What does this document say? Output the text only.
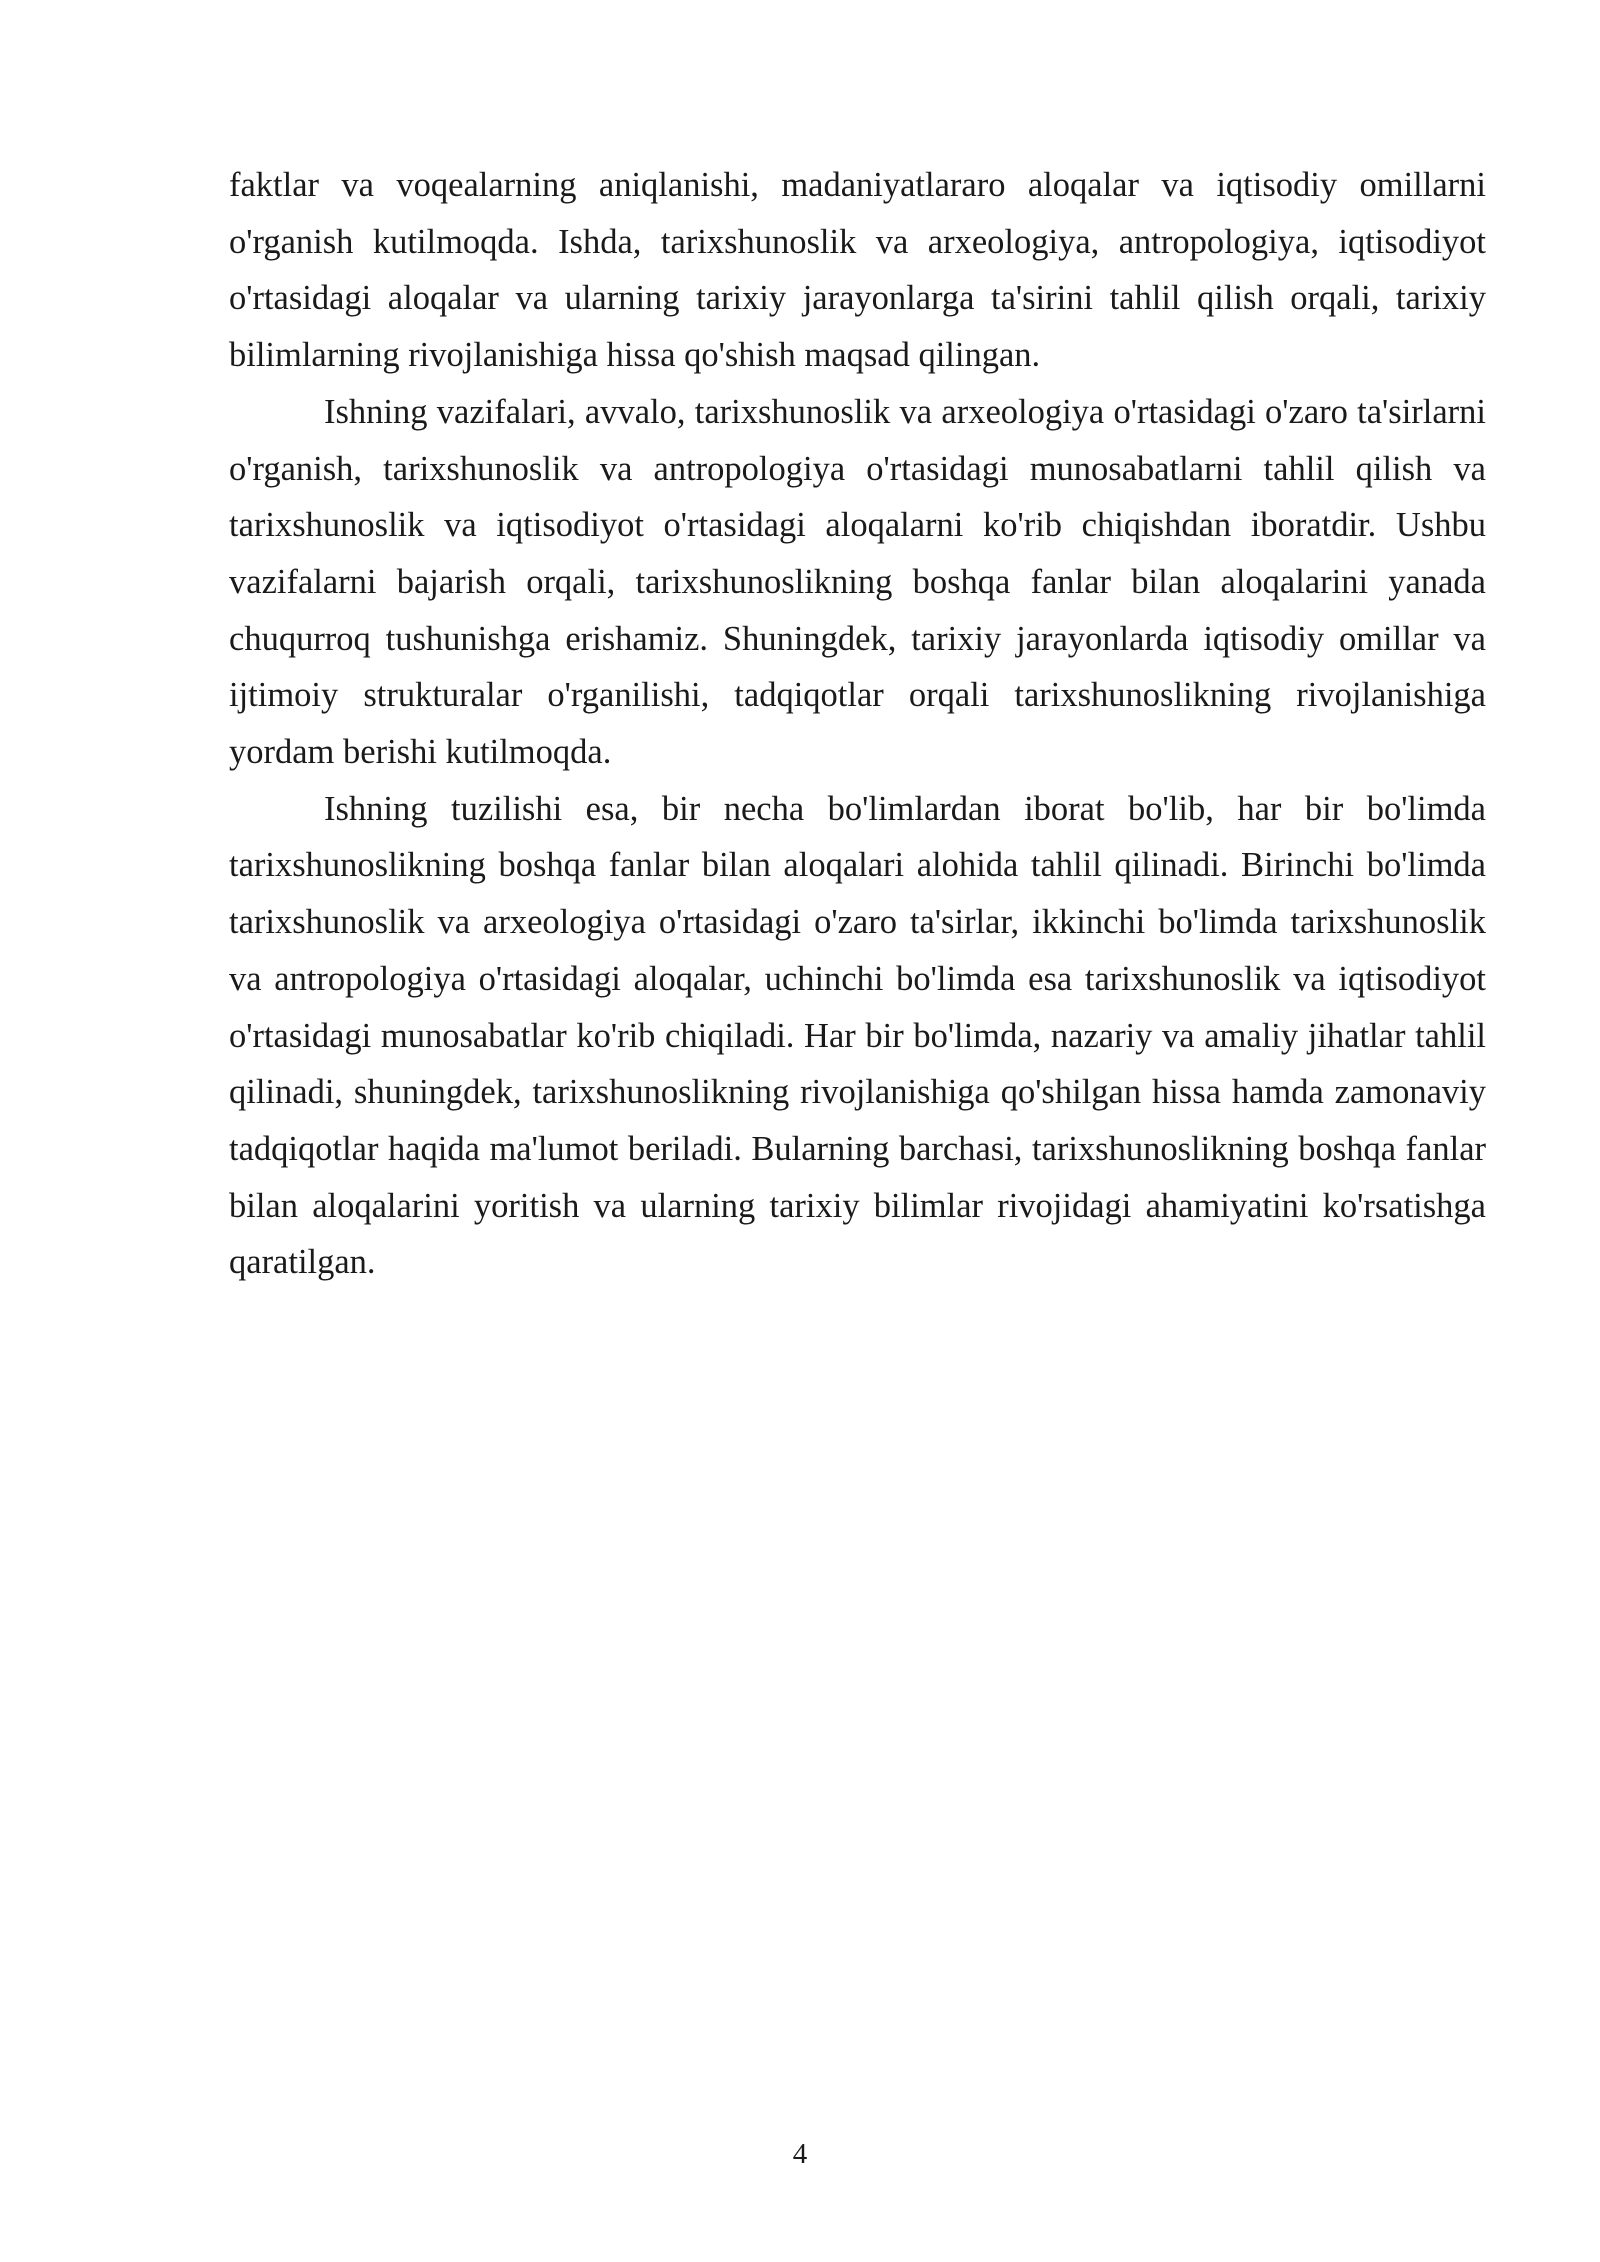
faktlar va voqealarning aniqlanishi, madaniyatlararo aloqalar va iqtisodiy omillarni o'rganish kutilmoqda. Ishda, tarixshunoslik va arxeologiya, antropologiya, iqtisodiyot o'rtasidagi aloqalar va ularning tarixiy jarayonlarga ta'sirini tahlil qilish orqali, tarixiy bilimlarning rivojlanishiga hissa qo'shish maqsad qilingan.

Ishning vazifalari, avvalo, tarixshunoslik va arxeologiya o'rtasidagi o'zaro ta'sirlarni o'rganish, tarixshunoslik va antropologiya o'rtasidagi munosabatlarni tahlil qilish va tarixshunoslik va iqtisodiyot o'rtasidagi aloqalarni ko'rib chiqishdan iboratdir. Ushbu vazifalarni bajarish orqali, tarixshunoslikning boshqa fanlar bilan aloqalarini yanada chuqurroq tushunishga erishamiz. Shuningdek, tarixiy jarayonlarda iqtisodiy omillar va ijtimoiy strukturalar o'rganilishi, tadqiqotlar orqali tarixshunoslikning rivojlanishiga yordam berishi kutilmoqda.

Ishning tuzilishi esa, bir necha bo'limlardan iborat bo'lib, har bir bo'limda tarixshunoslikning boshqa fanlar bilan aloqalari alohida tahlil qilinadi. Birinchi bo'limda tarixshunoslik va arxeologiya o'rtasidagi o'zaro ta'sirlar, ikkinchi bo'limda tarixshunoslik va antropologiya o'rtasidagi aloqalar, uchinchi bo'limda esa tarixshunoslik va iqtisodiyot o'rtasidagi munosabatlar ko'rib chiqiladi. Har bir bo'limda, nazariy va amaliy jihatlar tahlil qilinadi, shuningdek, tarixshunoslikning rivojlanishiga qo'shilgan hissa hamda zamonaviy tadqiqotlar haqida ma'lumot beriladi. Bularning barchasi, tarixshunoslikning boshqa fanlar bilan aloqalarini yoritish va ularning tarixiy bilimlar rivojidagi ahamiyatini ko'rsatishga qaratilgan.

4
